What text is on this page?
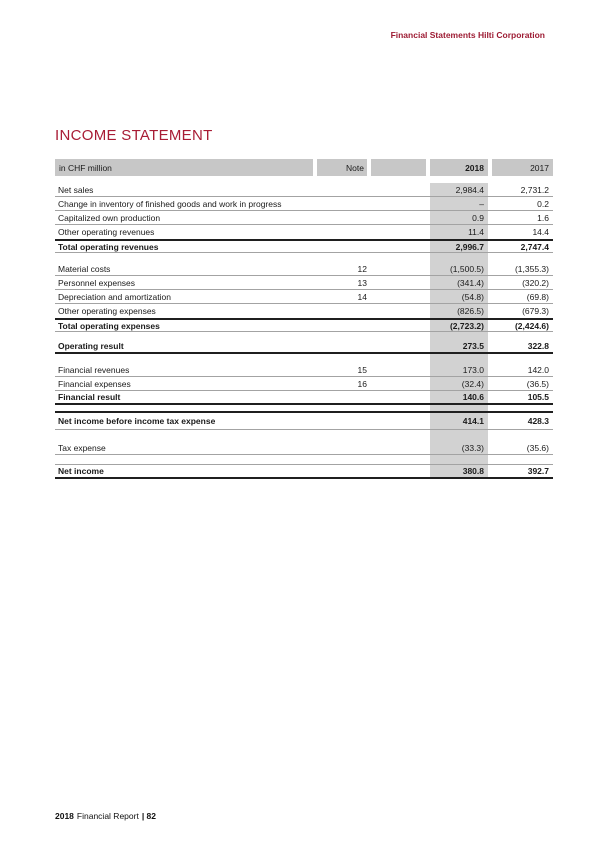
Financial Statements Hilti Corporation
INCOME STATEMENT
in CHF million	Note	2018	2017
Net sales	2,984.4	2,731.2
Change in inventory of finished goods and work in progress	–	0.2
Capitalized own production	0.9	1.6
Other operating revenues	11.4	14.4
Total operating revenues	2,996.7	2,747.4
Material costs	12	(1,500.5)	(1,355.3)
Personnel expenses	13	(341.4)	(320.2)
Depreciation and amortization	14	(54.8)	(69.8)
Other operating expenses	(826.5)	(679.3)
Total operating expenses	(2,723.2)	(2,424.6)
Operating result	273.5	322.8
Financial revenues	15	173.0	142.0
Financial expenses	16	(32.4)	(36.5)
Financial result	140.6	105.5
Net income before income tax expense	414.1	428.3
Tax expense	(33.3)	(35.6)
Net income	380.8	392.7
2018 Financial Report | 82
